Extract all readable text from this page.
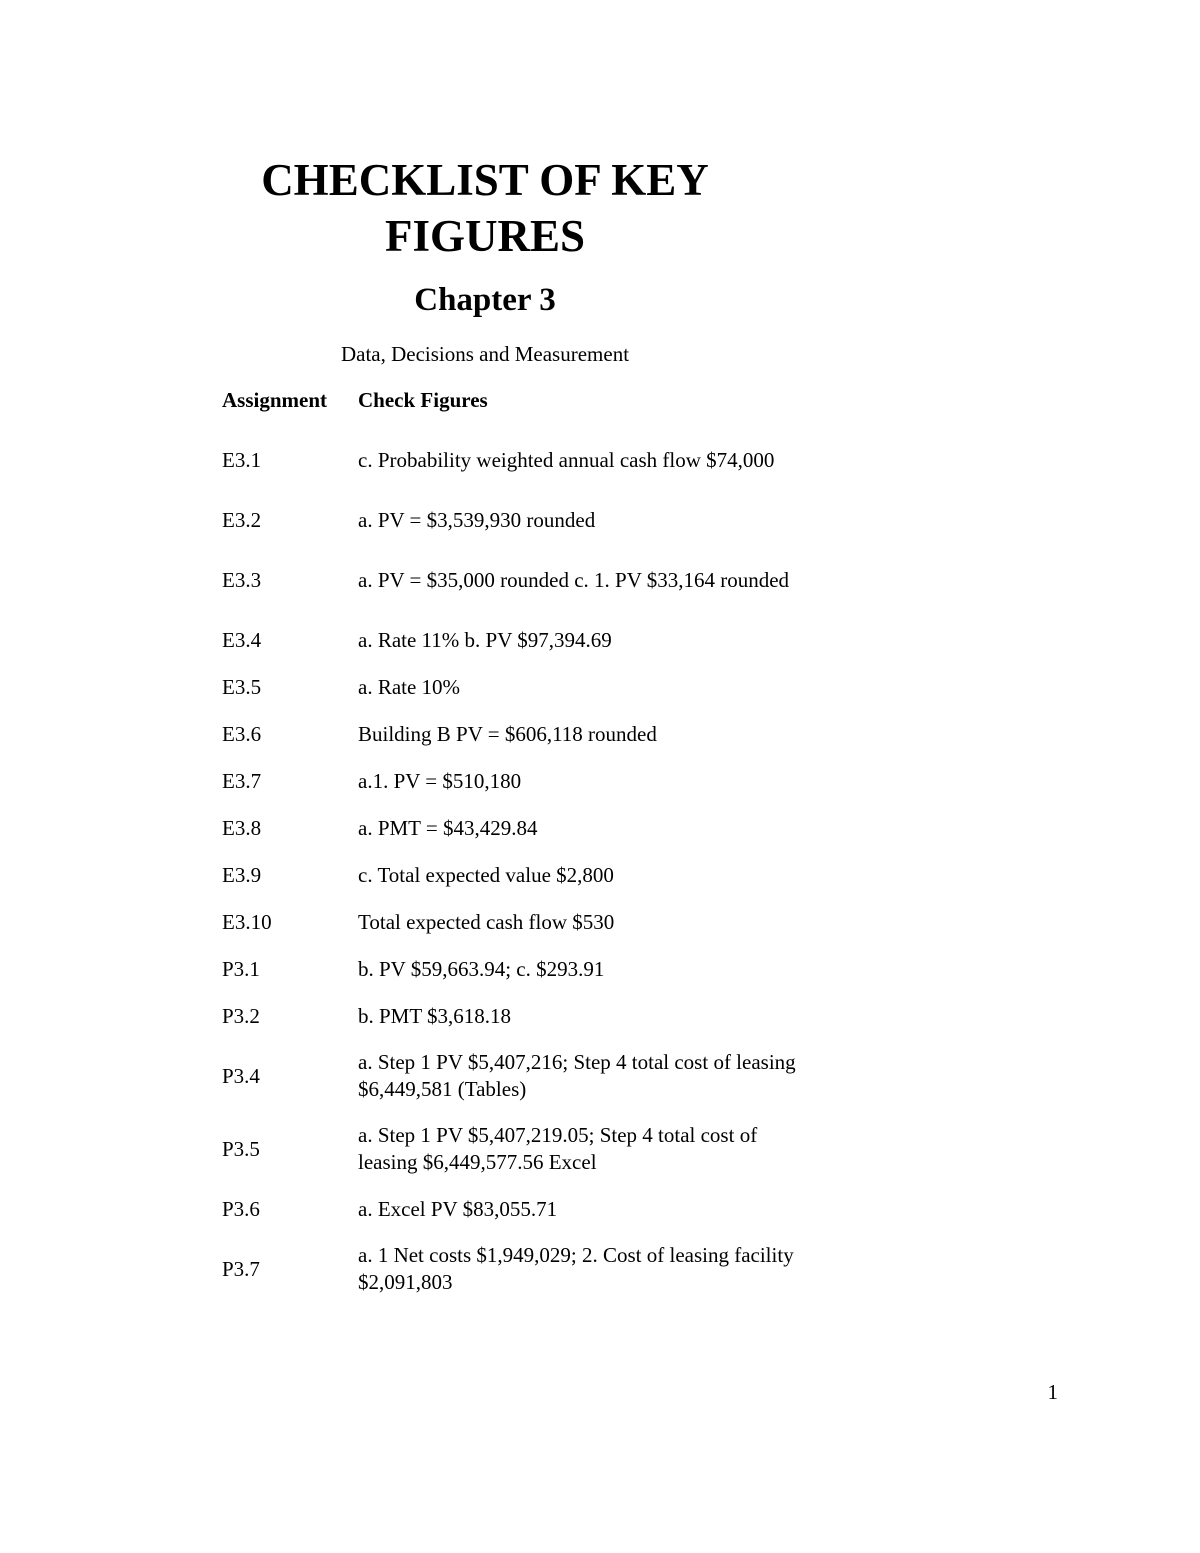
CHECKLIST OF KEY
FIGURES
Chapter 3

Data, Decisions and Measurement

Assignment	Check Figures
E3.1	c. Probability weighted annual cash flow $74,000
E3.2	a. PV = $3,539,930 rounded
E3.3	a. PV = $35,000 rounded c. 1. PV $33,164 rounded
E3.4	a. Rate 11% b. PV $97,394.69
E3.5	a. Rate 10%
E3.6	Building B PV = $606,118 rounded
E3.7	a.1. PV = $510,180
E3.8	a. PMT = $43,429.84
E3.9	c. Total expected value $2,800
E3.10	Total expected cash flow $530
P3.1	b. PV $59,663.94; c. $293.91
P3.2	b. PMT $3,618.18
P3.4	a. Step 1 PV $5,407,216; Step 4 total cost of leasing $6,449,581 (Tables)
P3.5	a. Step 1 PV $5,407,219.05; Step 4 total cost of leasing $6,449,577.56 Excel
P3.6	a. Excel PV $83,055.71
P3.7	a. 1 Net costs $1,949,029; 2. Cost of leasing facility $2,091,803
1
